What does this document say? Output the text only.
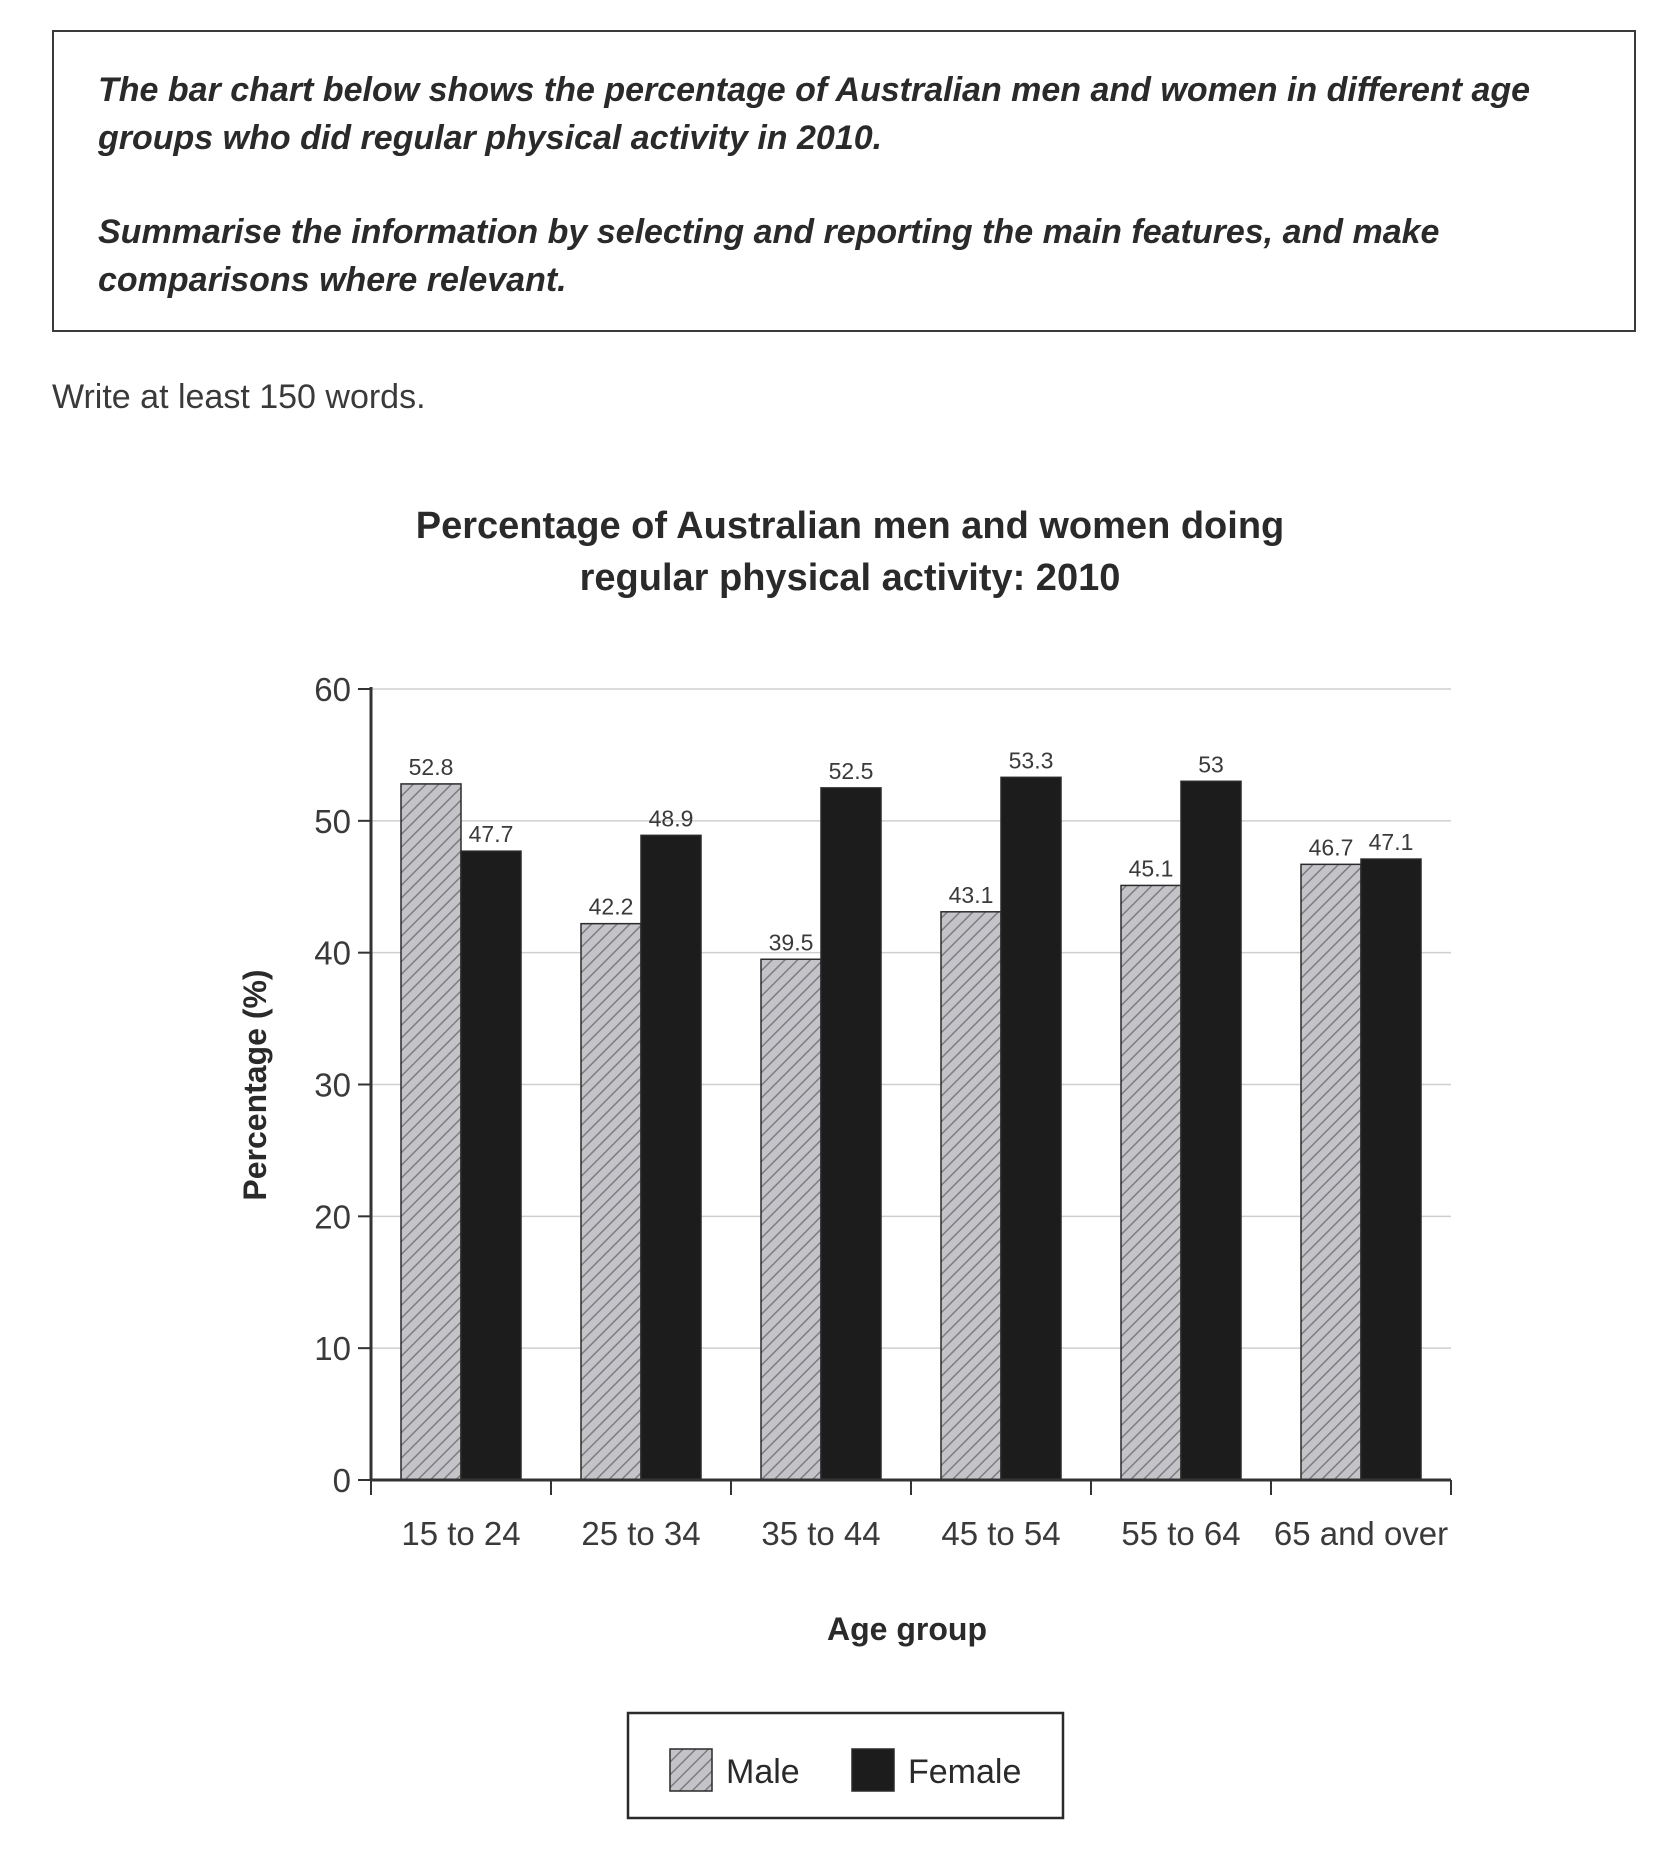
The bar chart below shows the percentage of Australian men and women in different age groups who did regular physical activity in 2010.

Summarise the information by selecting and reporting the main features, and make comparisons where relevant.

Write at least 150 words.
Percentage of Australian men and women doing
regular physical activity: 2010
0
10
20
30
40
50
60
52.8
47.7
15 to 24
42.2
48.9
25 to 34
39.5
52.5
35 to 44
43.1
53.3
45 to 54
45.1
53
55 to 64
46.7 47.1
65 and over
Age group
Percentage (%)
Male	Female
